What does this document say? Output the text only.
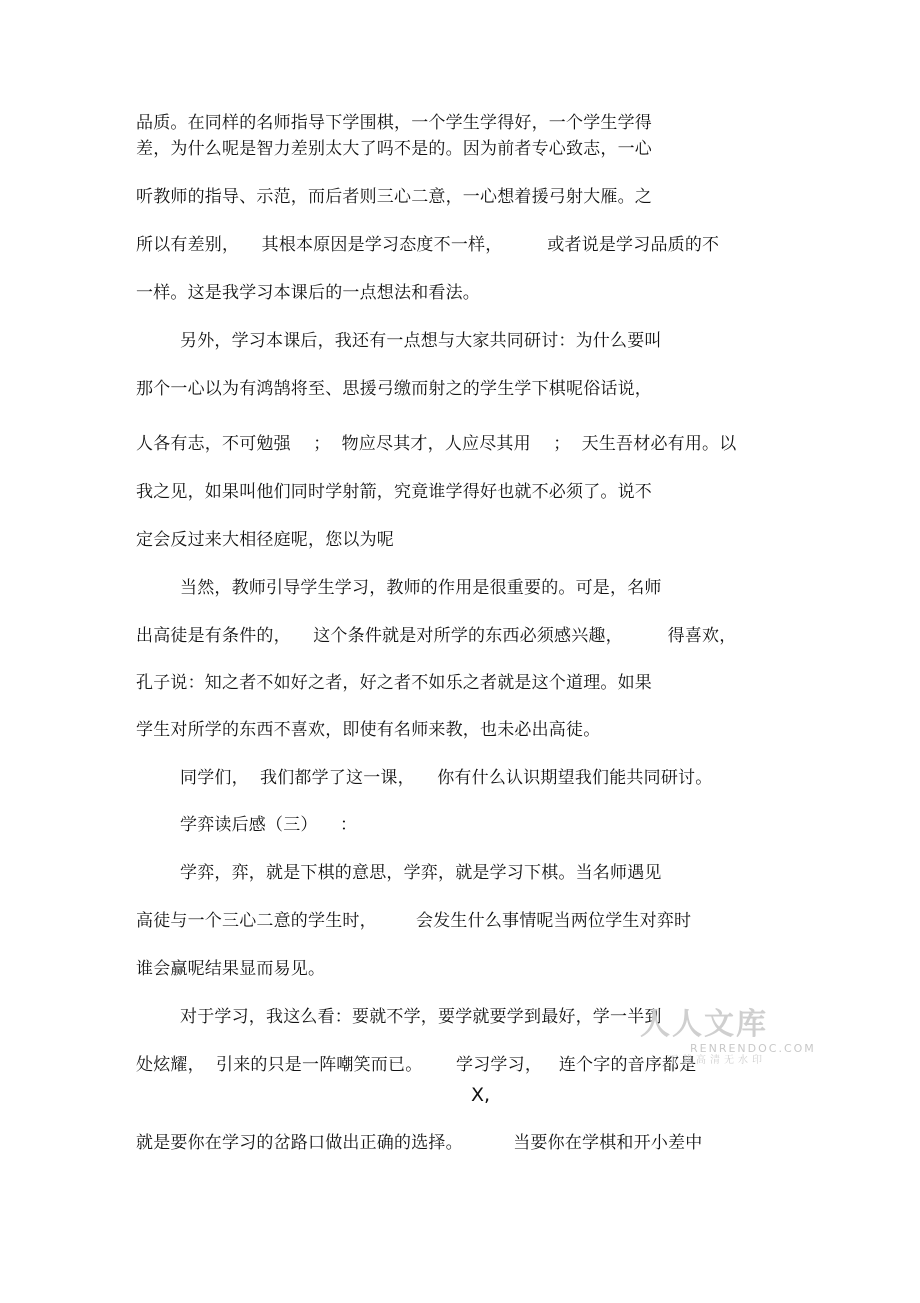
品质。在同样的名师指导下学围棋，一个学生学得好，一个学生学得
差，为什么呢是智力差别太大了吗不是的。因为前者专心致志，一心
听教师的指导、示范，而后者则三心二意，一心想着援弓射大雁。之
所以有差别，    其根本原因是学习态度不一样，        或者说是学习品质的不
一样。这是我学习本课后的一点想法和看法。
另外，学习本课后，我还有一点想与大家共同研讨：为什么要叫
那个一心以为有鸿鹄将至、思援弓缴而射之的学生学下棋呢俗话说，
人各有志，不可勉强    ；  物应尽其才，人应尽其用    ；  天生吾材必有用。以
我之见，如果叫他们同时学射箭，究竟谁学得好也就不必须了。说不
定会反过来大相径庭呢，您以为呢
当然，教师引导学生学习，教师的作用是很重要的。可是，名师
出高徒是有条件的，    这个条件就是对所学的东西必须感兴趣，        得喜欢，
孔子说：知之者不如好之者，好之者不如乐之者就是这个道理。如果
学生对所学的东西不喜欢，即使有名师来教，也未必出高徒。
同学们，  我们都学了这一课，    你有什么认识期望我们能共同研讨。
学弈读后感（三）    ：
学弈，弈，就是下棋的意思，学弈，就是学习下棋。当名师遇见
高徒与一个三心二意的学生时，       会发生什么事情呢当两位学生对弈时
谁会赢呢结果显而易见。
对于学习，我这么看：要就不学，要学就要学到最好，学一半到
处炫耀，  引来的只是一阵嘲笑而已。      学习学习，   连个字的音序都是
X,
就是要你在学习的岔路口做出正确的选择。         当要你在学棋和开小差中
人人文库
RENRENDOC.COM
下载高清无水印
